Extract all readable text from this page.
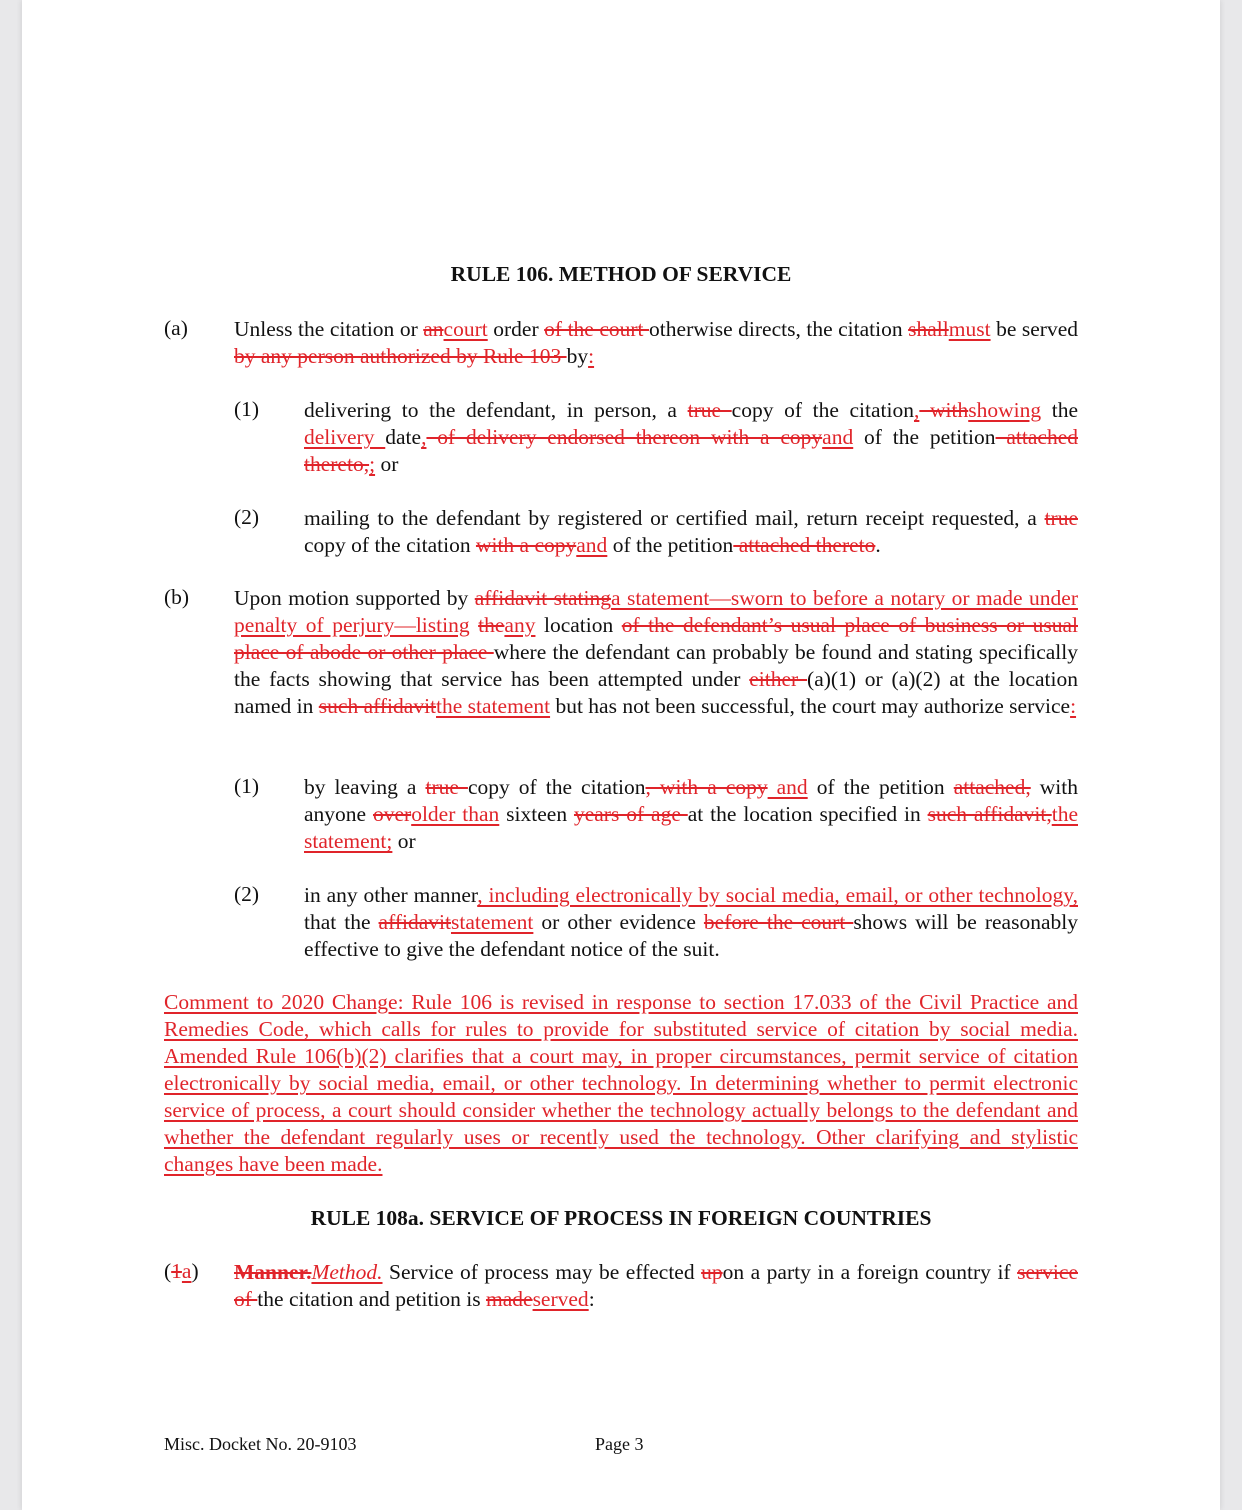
RULE 106. METHOD OF SERVICE
(a) Unless the citation or ancourt order of the court otherwise directs, the citation shallmust be served by any person authorized by Rule 103 by:

(1) delivering to the defendant, in person, a true copy of the citation, withshowing the delivery date, of delivery endorsed thereon with a copyand of the petition attached thereto,; or

(2) mailing to the defendant by registered or certified mail, return receipt requested, a true copy of the citation with a copyand of the petition attached thereto.

(b) Upon motion supported by affidavit statinga statement—sworn to before a notary or made under penalty of perjury—listing theany location of the defendant’s usual place of business or usual place of abode or other place where the defendant can probably be found and stating specifically the facts showing that service has been attempted under either (a)(1) or (a)(2) at the location named in such affidavitthe statement but has not been successful, the court may authorize service:

(1) by leaving a true copy of the citation, with a copy and of the petition attached, with anyone overolder than sixteen years of age at the location specified in such affidavit,the statement; or

(2) in any other manner, including electronically by social media, email, or other technology, that the affidavitstatement or other evidence before the court shows will be reasonably effective to give the defendant notice of the suit.

Comment to 2020 Change: Rule 106 is revised in response to section 17.033 of the Civil Practice and Remedies Code, which calls for rules to provide for substituted service of citation by social media. Amended Rule 106(b)(2) clarifies that a court may, in proper circumstances, permit service of citation electronically by social media, email, or other technology. In determining whether to permit electronic service of process, a court should consider whether the technology actually belongs to the defendant and whether the defendant regularly uses or recently used the technology. Other clarifying and stylistic changes have been made.

RULE 108a. SERVICE OF PROCESS IN FOREIGN COUNTRIES
(1a) Manner.Method. Service of process may be effected upon a party in a foreign country if service of the citation and petition is madeserved:

Misc. Docket No. 20-9103	Page 3
